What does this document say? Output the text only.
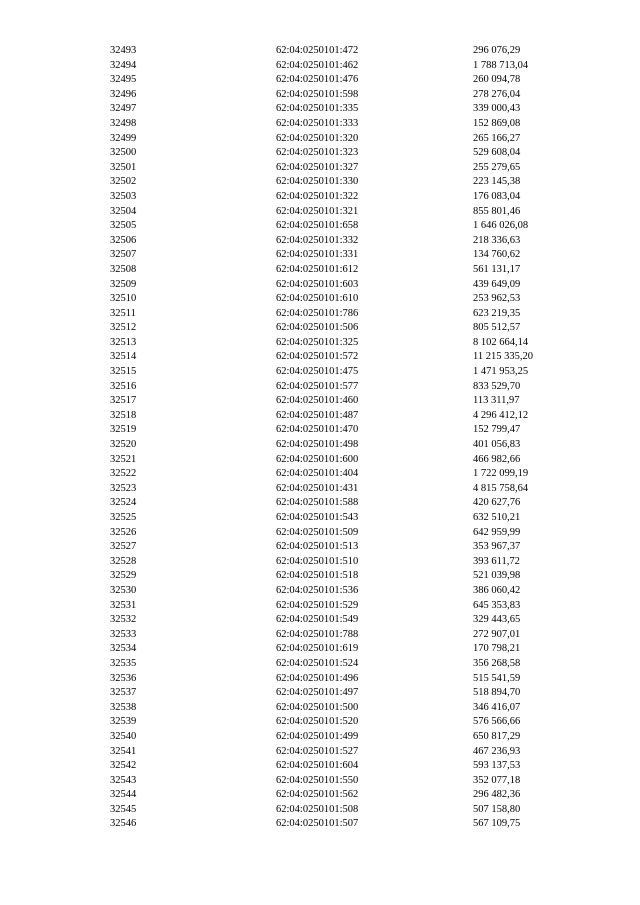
32493	62:04:0250101:472	296 076,29
32494	62:04:0250101:462	1 788 713,04
32495	62:04:0250101:476	260 094,78
32496	62:04:0250101:598	278 276,04
32497	62:04:0250101:335	339 000,43
32498	62:04:0250101:333	152 869,08
32499	62:04:0250101:320	265 166,27
32500	62:04:0250101:323	529 608,04
32501	62:04:0250101:327	255 279,65
32502	62:04:0250101:330	223 145,38
32503	62:04:0250101:322	176 083,04
32504	62:04:0250101:321	855 801,46
32505	62:04:0250101:658	1 646 026,08
32506	62:04:0250101:332	218 336,63
32507	62:04:0250101:331	134 760,62
32508	62:04:0250101:612	561 131,17
32509	62:04:0250101:603	439 649,09
32510	62:04:0250101:610	253 962,53
32511	62:04:0250101:786	623 219,35
32512	62:04:0250101:506	805 512,57
32513	62:04:0250101:325	8 102 664,14
32514	62:04:0250101:572	11 215 335,20
32515	62:04:0250101:475	1 471 953,25
32516	62:04:0250101:577	833 529,70
32517	62:04:0250101:460	113 311,97
32518	62:04:0250101:487	4 296 412,12
32519	62:04:0250101:470	152 799,47
32520	62:04:0250101:498	401 056,83
32521	62:04:0250101:600	466 982,66
32522	62:04:0250101:404	1 722 099,19
32523	62:04:0250101:431	4 815 758,64
32524	62:04:0250101:588	420 627,76
32525	62:04:0250101:543	632 510,21
32526	62:04:0250101:509	642 959,99
32527	62:04:0250101:513	353 967,37
32528	62:04:0250101:510	393 611,72
32529	62:04:0250101:518	521 039,98
32530	62:04:0250101:536	386 060,42
32531	62:04:0250101:529	645 353,83
32532	62:04:0250101:549	329 443,65
32533	62:04:0250101:788	272 907,01
32534	62:04:0250101:619	170 798,21
32535	62:04:0250101:524	356 268,58
32536	62:04:0250101:496	515 541,59
32537	62:04:0250101:497	518 894,70
32538	62:04:0250101:500	346 416,07
32539	62:04:0250101:520	576 566,66
32540	62:04:0250101:499	650 817,29
32541	62:04:0250101:527	467 236,93
32542	62:04:0250101:604	593 137,53
32543	62:04:0250101:550	352 077,18
32544	62:04:0250101:562	296 482,36
32545	62:04:0250101:508	507 158,80
32546	62:04:0250101:507	567 109,75
